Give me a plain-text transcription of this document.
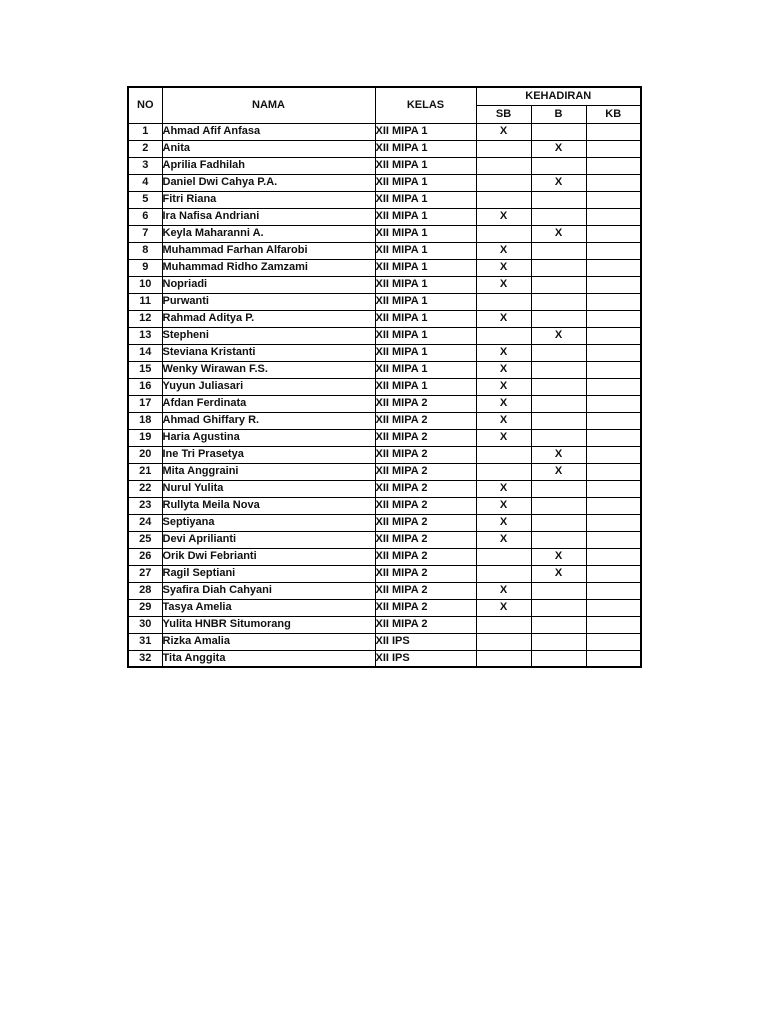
NO	NAMA	KELAS	KEHADIRAN		
			SB	B	KB
1	Ahmad Afif Anfasa	XII MIPA 1	X		
2	Anita	XII MIPA 1		X	
3	Aprilia Fadhilah	XII MIPA 1			
4	Daniel Dwi Cahya P.A.	XII MIPA 1		X	
5	Fitri Riana	XII MIPA 1			
6	Ira Nafisa Andriani	XII MIPA 1	X		
7	Keyla Maharanni A.	XII MIPA 1		X	
8	Muhammad Farhan Alfarobi	XII MIPA 1	X		
9	Muhammad Ridho Zamzami	XII MIPA 1	X		
10	Nopriadi	XII MIPA 1	X		
11	Purwanti	XII MIPA 1			
12	Rahmad Aditya P.	XII MIPA 1	X		
13	Stepheni	XII MIPA 1		X	
14	Steviana Kristanti	XII MIPA 1	X		
15	Wenky Wirawan F.S.	XII MIPA 1	X		
16	Yuyun Juliasari	XII MIPA 1	X		
17	Afdan Ferdinata	XII MIPA 2	X		
18	Ahmad Ghiffary R.	XII MIPA 2	X		
19	Haria Agustina	XII MIPA 2	X		
20	Ine Tri Prasetya	XII MIPA 2		X	
21	Mita Anggraini	XII MIPA 2		X	
22	Nurul Yulita	XII MIPA 2	X		
23	Rullyta Meila Nova	XII MIPA 2	X		
24	Septiyana	XII MIPA 2	X		
25	Devi Aprilianti	XII MIPA 2	X		
26	Orik Dwi Febrianti	XII MIPA 2		X	
27	Ragil Septiani	XII MIPA 2		X	
28	Syafira Diah Cahyani	XII MIPA 2	X		
29	Tasya Amelia	XII MIPA 2	X		
30	Yulita HNBR Situmorang	XII MIPA 2			
31	Rizka Amalia	XII IPS			
32	Tita Anggita	XII IPS			
